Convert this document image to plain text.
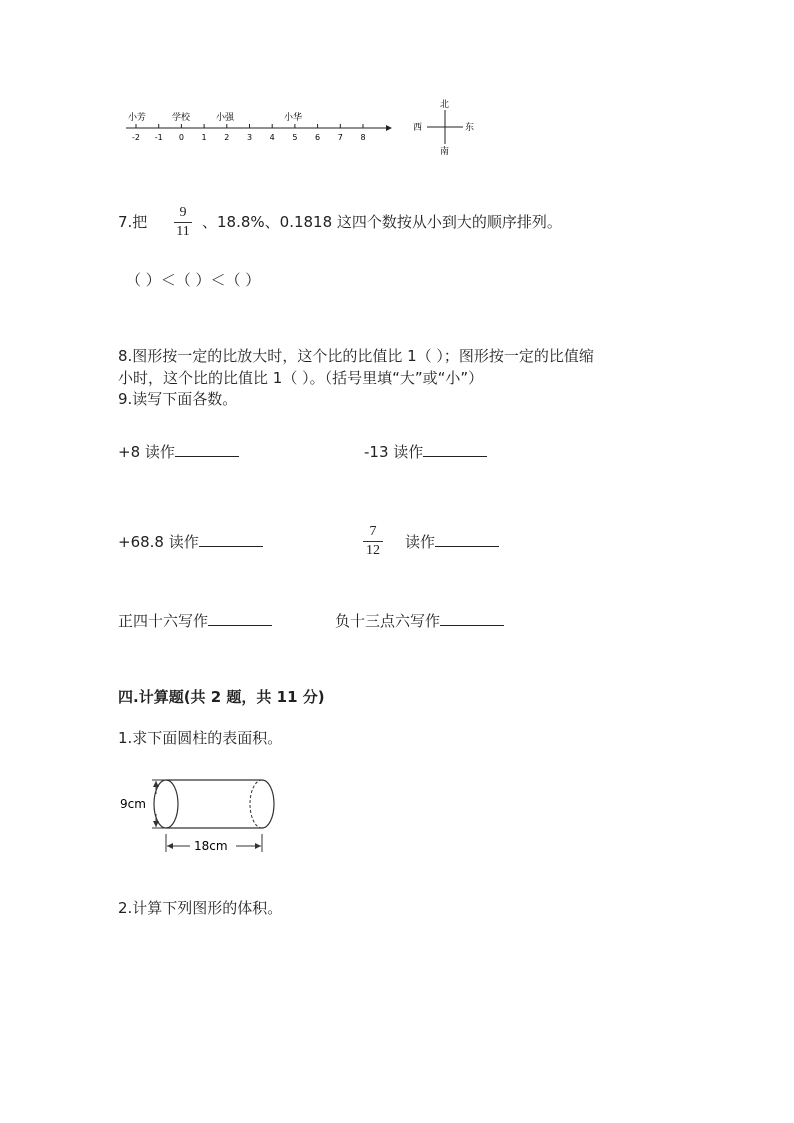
-2 -1 0 1 2 3 4 5 6 7 8
小芳	学校	小强	小华
北
南
东
西
7.把
9
11
、18.8%、0.1818 这四个数按从小到大的顺序排列。
（ ）＜（ ）＜（ ）
8.图形按一定的比放大时，这个比的比值比 1（ ）；图形按一定的比值缩
小时，这个比的比值比 1（ ）。（括号里填“大”或“小”）
9.读写下面各数。
+8 读作	-13 读作
+68.8 读作
7
12 读作
正四十六写作	负十三点六写作
四.计算题(共 2 题，共 11 分)
1.求下面圆柱的表面积。
9cm
18cm
2.计算下列图形的体积。
